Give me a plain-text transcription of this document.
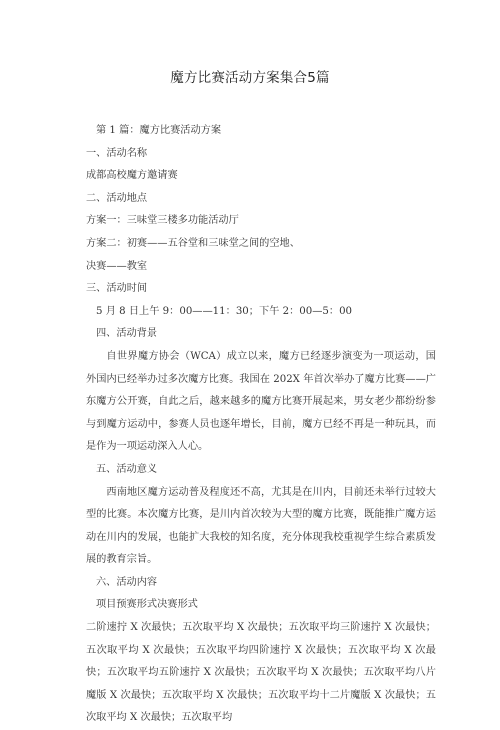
魔方比赛活动方案集合5篇
第 1 篇：魔方比赛活动方案
一、活动名称
成都高校魔方邀请赛
二、活动地点
方案一：三味堂三楼多功能活动厅
方案二：初赛——五谷堂和三味堂之间的空地、
决赛——教室
三、活动时间
5 月 8 日上午 9：00——11：30；下午 2：00—5：00
四、活动背景
自世界魔方协会（WCA）成立以来，魔方已经逐步演变为一项运动，国外国内已经举办过多次魔方比赛。我国在 202X 年首次举办了魔方比赛——广东魔方公开赛，自此之后，越来越多的魔方比赛开展起来，男女老少都纷纷参与到魔方运动中，参赛人员也逐年增长，目前，魔方已经不再是一种玩具，而是作为一项运动深入人心。
五、活动意义
西南地区魔方运动普及程度还不高，尤其是在川内，目前还未举行过较大型的比赛。本次魔方比赛，是川内首次较为大型的魔方比赛，既能推广魔方运动在川内的发展，也能扩大我校的知名度，充分体现我校重视学生综合素质发展的教育宗旨。
六、活动内容
项目预赛形式决赛形式
二阶速拧 X 次最快；五次取平均 X 次最快；五次取平均三阶速拧 X 次最快；五次取平均 X 次最快；五次取平均四阶速拧 X 次最快；五次取平均 X 次最快；五次取平均五阶速拧 X 次最快；五次取平均 X 次最快；五次取平均八片魔版 X 次最快；五次取平均 X 次最快；五次取平均十二片魔版 X 次最快；五次取平均 X 次最快；五次取平均
